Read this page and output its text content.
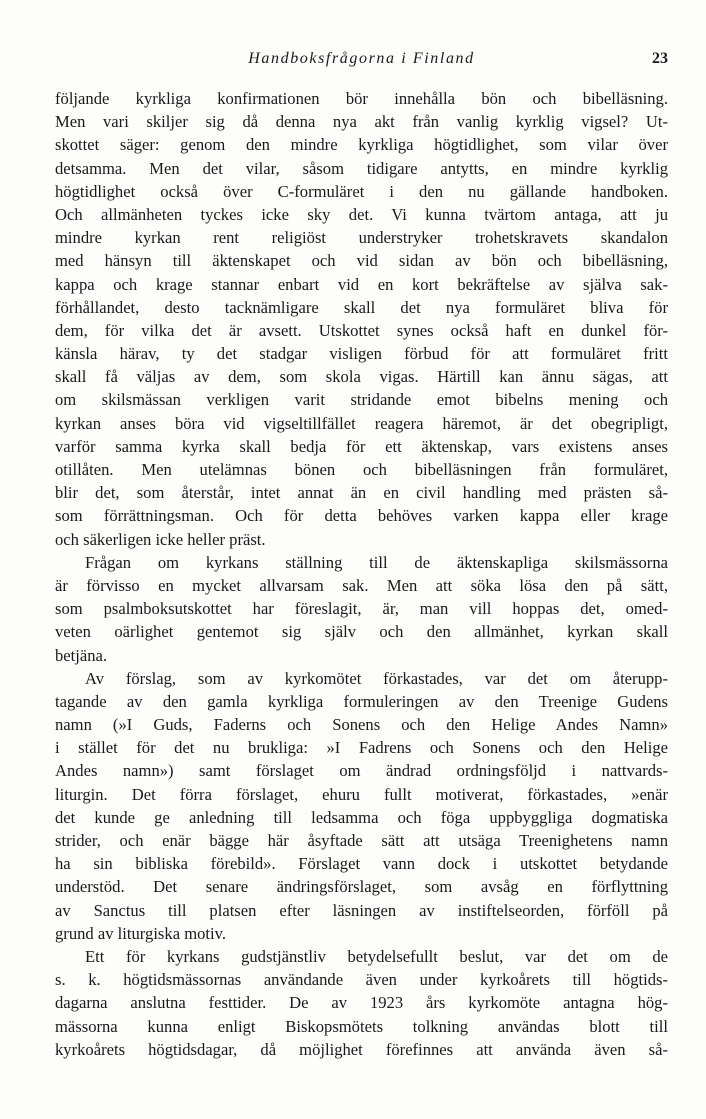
Handboksfrågorna i Finland	23
följande kyrkliga konfirmationen bör innehålla bön och bibelläsning.
Men vari skiljer sig då denna nya akt från vanlig kyrklig vigsel? Ut-
skottet säger: genom den mindre kyrkliga högtidlighet, som vilar över
detsamma. Men det vilar, såsom tidigare antytts, en mindre kyrklig
högtidlighet också över C-formuläret i den nu gällande handboken.
Och allmänheten tyckes icke sky det. Vi kunna tvärtom antaga, att ju
mindre kyrkan rent religiöst understryker trohetskravets skandalon
med hänsyn till äktenskapet och vid sidan av bön och bibelläsning,
kappa och krage stannar enbart vid en kort bekräftelse av själva sak-
förhållandet, desto tacknämligare skall det nya formuläret bliva för
dem, för vilka det är avsett. Utskottet synes också haft en dunkel för-
känsla härav, ty det stadgar visligen förbud för att formuläret fritt
skall få väljas av dem, som skola vigas. Härtill kan ännu sägas, att
om skilsmässan verkligen varit stridande emot bibelns mening och
kyrkan anses böra vid vigseltillfället reagera häremot, är det obegripligt,
varför samma kyrka skall bedja för ett äktenskap, vars existens anses
otillåten. Men utelämnas bönen och bibelläsningen från formuläret,
blir det, som återstår, intet annat än en civil handling med prästen så-
som förrättningsman. Och för detta behöves varken kappa eller krage
och säkerligen icke heller präst.
Frågan om kyrkans ställning till de äktenskapliga skilsmässorna
är förvisso en mycket allvarsam sak. Men att söka lösa den på sätt,
som psalmboksutskottet har föreslagit, är, man vill hoppas det, omed-
veten oärlighet gentemot sig själv och den allmänhet, kyrkan skall
betjäna.
Av förslag, som av kyrkomötet förkastades, var det om återupp-
tagande av den gamla kyrkliga formuleringen av den Treenige Gudens
namn (»I Guds, Faderns och Sonens och den Helige Andes Namn»
i stället för det nu brukliga: »I Fadrens och Sonens och den Helige
Andes namn») samt förslaget om ändrad ordningsföljd i nattvards-
liturgin. Det förra förslaget, ehuru fullt motiverat, förkastades, »enär
det kunde ge anledning till ledsamma och föga uppbyggliga dogmatiska
strider, och enär bägge här åsyftade sätt att utsäga Treenighetens namn
ha sin bibliska förebild». Förslaget vann dock i utskottet betydande
understöd. Det senare ändringsförslaget, som avsåg en förflyttning
av Sanctus till platsen efter läsningen av instiftelseorden, förföll på
grund av liturgiska motiv.
Ett för kyrkans gudstjänstliv betydelsefullt beslut, var det om de
s. k. högtidsmässornas användande även under kyrkoårets till högtids-
dagarna anslutna festtider. De av 1923 års kyrkomöte antagna hög-
mässorna kunna enligt Biskopsmötets tolkning användas blott till
kyrkoårets högtidsdagar, då möjlighet förefinnes att använda även så-
